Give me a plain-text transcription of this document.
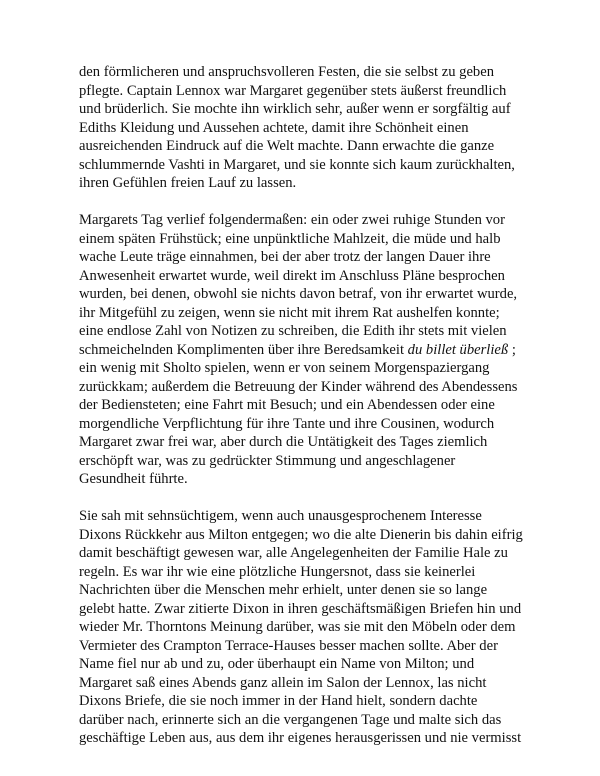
den förmlicheren und anspruchsvolleren Festen, die sie selbst zu geben
pflegte. Captain Lennox war Margaret gegenüber stets äußerst freundlich
und brüderlich. Sie mochte ihn wirklich sehr, außer wenn er sorgfältig auf
Ediths Kleidung und Aussehen achtete, damit ihre Schönheit einen
ausreichenden Eindruck auf die Welt machte. Dann erwachte die ganze
schlummernde Vashti in Margaret, und sie konnte sich kaum zurückhalten,
ihren Gefühlen freien Lauf zu lassen.

Margarets Tag verlief folgendermaßen: ein oder zwei ruhige Stunden vor
einem späten Frühstück; eine unpünktliche Mahlzeit, die müde und halb
wache Leute träge einnahmen, bei der aber trotz der langen Dauer ihre
Anwesenheit erwartet wurde, weil direkt im Anschluss Pläne besprochen
wurden, bei denen, obwohl sie nichts davon betraf, von ihr erwartet wurde,
ihr Mitgefühl zu zeigen, wenn sie nicht mit ihrem Rat aushelfen konnte;
eine endlose Zahl von Notizen zu schreiben, die Edith ihr stets mit vielen
schmeichelnden Komplimenten über ihre Beredsamkeit du billet überließ ;
ein wenig mit Sholto spielen, wenn er von seinem Morgenspaziergang
zurückkam; außerdem die Betreuung der Kinder während des Abendessens
der Bediensteten; eine Fahrt mit Besuch; und ein Abendessen oder eine
morgendliche Verpflichtung für ihre Tante und ihre Cousinen, wodurch
Margaret zwar frei war, aber durch die Untätigkeit des Tages ziemlich
erschöpft war, was zu gedrückter Stimmung und angeschlagener
Gesundheit führte.

Sie sah mit sehnsüchtigem, wenn auch unausgesprochenem Interesse
Dixons Rückkehr aus Milton entgegen; wo die alte Dienerin bis dahin eifrig
damit beschäftigt gewesen war, alle Angelegenheiten der Familie Hale zu
regeln. Es war ihr wie eine plötzliche Hungersnot, dass sie keinerlei
Nachrichten über die Menschen mehr erhielt, unter denen sie so lange
gelebt hatte. Zwar zitierte Dixon in ihren geschäftsmäßigen Briefen hin und
wieder Mr. Thorntons Meinung darüber, was sie mit den Möbeln oder dem
Vermieter des Crampton Terrace-Hauses besser machen sollte. Aber der
Name fiel nur ab und zu, oder überhaupt ein Name von Milton; und
Margaret saß eines Abends ganz allein im Salon der Lennox, las nicht
Dixons Briefe, die sie noch immer in der Hand hielt, sondern dachte
darüber nach, erinnerte sich an die vergangenen Tage und malte sich das
geschäftige Leben aus, aus dem ihr eigenes herausgerissen und nie vermisst
